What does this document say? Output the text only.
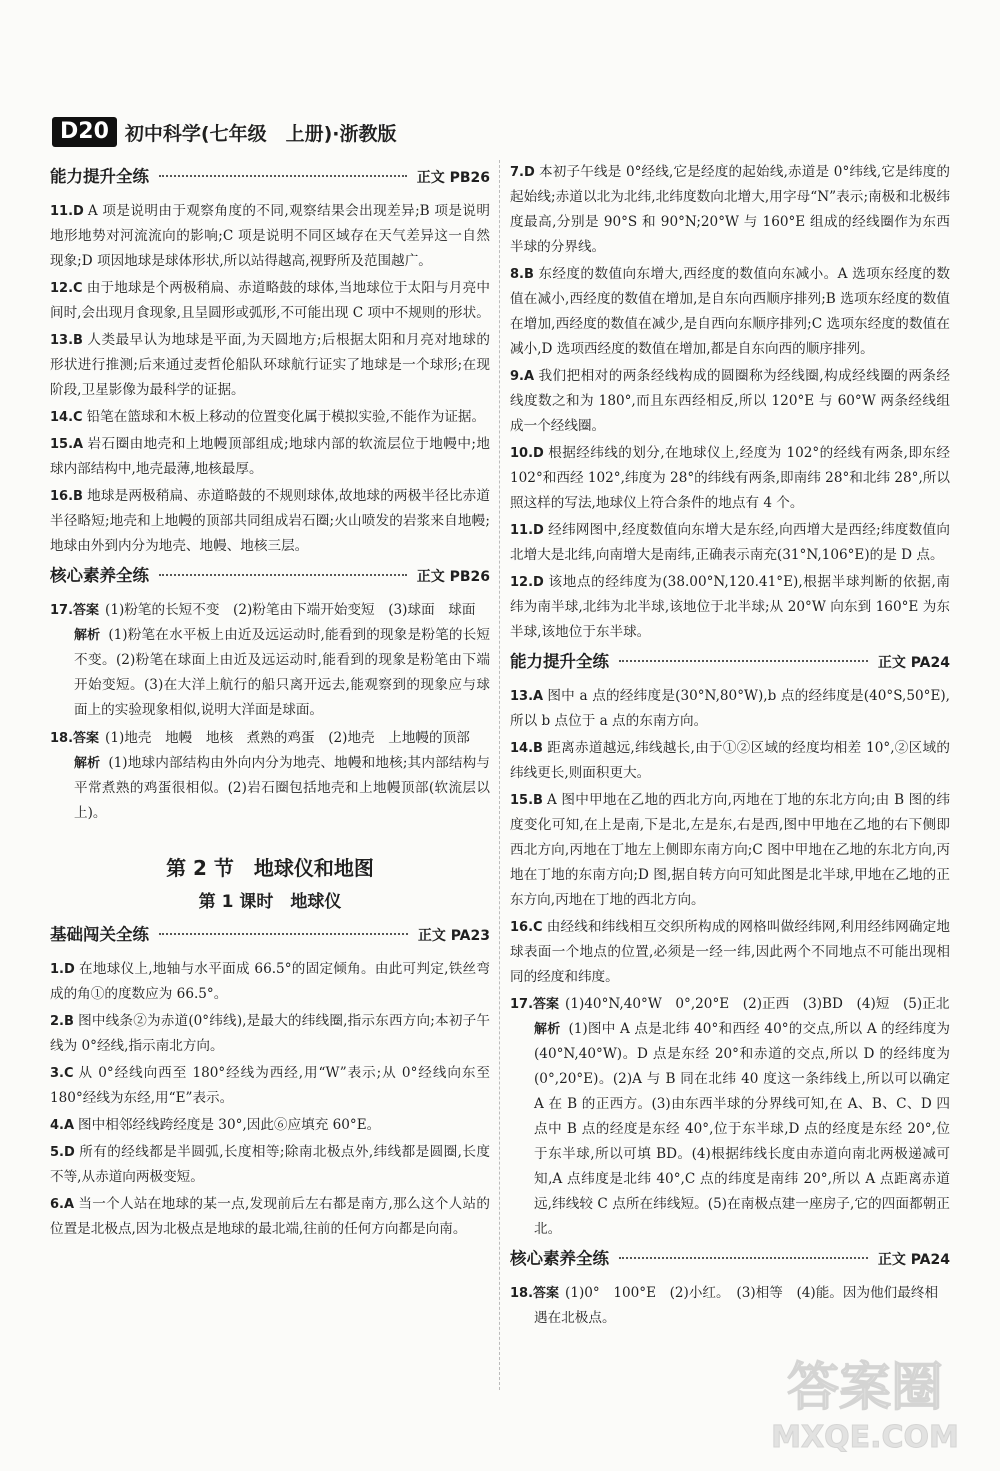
D20 初中科学(七年级　上册)·浙教版
能力提升全练	正文 PB26
11.D A 项是说明由于观察角度的不同,观察结果会出现差异;B 项是说明地形地势对河流流向的影响;C 项是说明不同区域存在天气差异这一自然现象;D 项因地球是球体形状,所以站得越高,视野所及范围越广。
12.C 由于地球是个两极稍扁、赤道略鼓的球体,当地球位于太阳与月亮中间时,会出现月食现象,且呈圆形或弧形,不可能出现 C 项中不规则的形状。
13.B 人类最早认为地球是平面,为天圆地方;后根据太阳和月亮对地球的形状进行推测;后来通过麦哲伦船队环球航行证实了地球是一个球形;在现阶段,卫星影像为最科学的证据。
14.C 铅笔在篮球和木板上移动的位置变化属于模拟实验,不能作为证据。
15.A 岩石圈由地壳和上地幔顶部组成;地球内部的软流层位于地幔中;地球内部结构中,地壳最薄,地核最厚。
16.B 地球是两极稍扁、赤道略鼓的不规则球体,故地球的两极半径比赤道半径略短;地壳和上地幔的顶部共同组成岩石圈;火山喷发的岩浆来自地幔;地球由外到内分为地壳、地幔、地核三层。
核心素养全练	正文 PB26
17.答案 (1)粉笔的长短不变　(2)粉笔由下端开始变短　(3)球面　球面
解析 (1)粉笔在水平板上由近及远运动时,能看到的现象是粉笔的长短不变。(2)粉笔在球面上由近及远运动时,能看到的现象是粉笔由下端开始变短。(3)在大洋上航行的船只离开远去,能观察到的现象应与球面上的实验现象相似,说明大洋面是球面。
18.答案 (1)地壳　地幔　地核　煮熟的鸡蛋　(2)地壳　上地幔的顶部
解析 (1)地球内部结构由外向内分为地壳、地幔和地核;其内部结构与平常煮熟的鸡蛋很相似。(2)岩石圈包括地壳和上地幔顶部(软流层以上)。
第 2 节　地球仪和地图
第 1 课时　地球仪
基础闯关全练	正文 PA23
1.D 在地球仪上,地轴与水平面成 66.5°的固定倾角。由此可判定,铁丝弯成的角①的度数应为 66.5°。
2.B 图中线条②为赤道(0°纬线),是最大的纬线圈,指示东西方向;本初子午线为 0°经线,指示南北方向。
3.C 从 0°经线向西至 180°经线为西经,用“W”表示;从 0°经线向东至 180°经线为东经,用“E”表示。
4.A 图中相邻经线跨经度是 30°,因此⑥应填充 60°E。
5.D 所有的经线都是半圆弧,长度相等;除南北极点外,纬线都是圆圈,长度不等,从赤道向两极变短。
6.A 当一个人站在地球的某一点,发现前后左右都是南方,那么这个人站的位置是北极点,因为北极点是地球的最北端,往前的任何方向都是向南。
7.D 本初子午线是 0°经线,它是经度的起始线,赤道是 0°纬线,它是纬度的起始线;赤道以北为北纬,北纬度数向北增大,用字母“N”表示;南极和北极纬度最高,分别是 90°S 和 90°N;20°W 与 160°E 组成的经线圈作为东西半球的分界线。
8.B 东经度的数值向东增大,西经度的数值向东减小。A 选项东经度的数值在减小,西经度的数值在增加,是自东向西顺序排列;B 选项东经度的数值在增加,西经度的数值在减少,是自西向东顺序排列;C 选项东经度的数值在减小,D 选项西经度的数值在增加,都是自东向西的顺序排列。
9.A 我们把相对的两条经线构成的圆圈称为经线圈,构成经线圈的两条经线度数之和为 180°,而且东西经相反,所以 120°E 与 60°W 两条经线组成一个经线圈。
10.D 根据经纬线的划分,在地球仪上,经度为 102°的经线有两条,即东经 102°和西经 102°,纬度为 28°的纬线有两条,即南纬 28°和北纬 28°,所以照这样的写法,地球仪上符合条件的地点有 4 个。
11.D 经纬网图中,经度数值向东增大是东经,向西增大是西经;纬度数值向北增大是北纬,向南增大是南纬,正确表示南充(31°N,106°E)的是 D 点。
12.D 该地点的经纬度为(38.00°N,120.41°E),根据半球判断的依据,南纬为南半球,北纬为北半球,该地位于北半球;从 20°W 向东到 160°E 为东半球,该地位于东半球。
能力提升全练	正文 PA24
13.A 图中 a 点的经纬度是(30°N,80°W),b 点的经纬度是(40°S,50°E),所以 b 点位于 a 点的东南方向。
14.B 距离赤道越远,纬线越长,由于①②区域的经度均相差 10°,②区域的纬线更长,则面积更大。
15.B A 图中甲地在乙地的西北方向,丙地在丁地的东北方向;由 B 图的纬度变化可知,在上是南,下是北,左是东,右是西,图中甲地在乙地的右下侧即西北方向,丙地在丁地左上侧即东南方向;C 图中甲地在乙地的东北方向,丙地在丁地的东南方向;D 图,据自转方向可知此图是北半球,甲地在乙地的正东方向,丙地在丁地的西北方向。
16.C 由经线和纬线相互交织所构成的网格叫做经纬网,利用经纬网确定地球表面一个地点的位置,必须是一经一纬,因此两个不同地点不可能出现相同的经度和纬度。
17.答案 (1)40°N,40°W　0°,20°E　(2)正西　(3)BD　(4)短　(5)正北
解析 (1)图中 A 点是北纬 40°和西经 40°的交点,所以 A 的经纬度为(40°N,40°W)。D 点是东经 20°和赤道的交点,所以 D 的经纬度为(0°,20°E)。(2)A 与 B 同在北纬 40 度这一条纬线上,所以可以确定 A 在 B 的正西方。(3)由东西半球的分界线可知,在 A、B、C、D 四点中 B 点的经度是东经 40°,位于东半球,D 点的经度是东经 20°,位于东半球,所以可填 BD。(4)根据纬线长度由赤道向南北两极递减可知,A 点纬度是北纬 40°,C 点的纬度是南纬 20°,所以 A 点距离赤道远,纬线较 C 点所在纬线短。(5)在南极点建一座房子,它的四面都朝正北。
核心素养全练	正文 PA24
18.答案 (1)0°　100°E　(2)小红。　(3)相等　(4)能。因为他们最终相遇在北极点。
答案圈
MXQE.COM
